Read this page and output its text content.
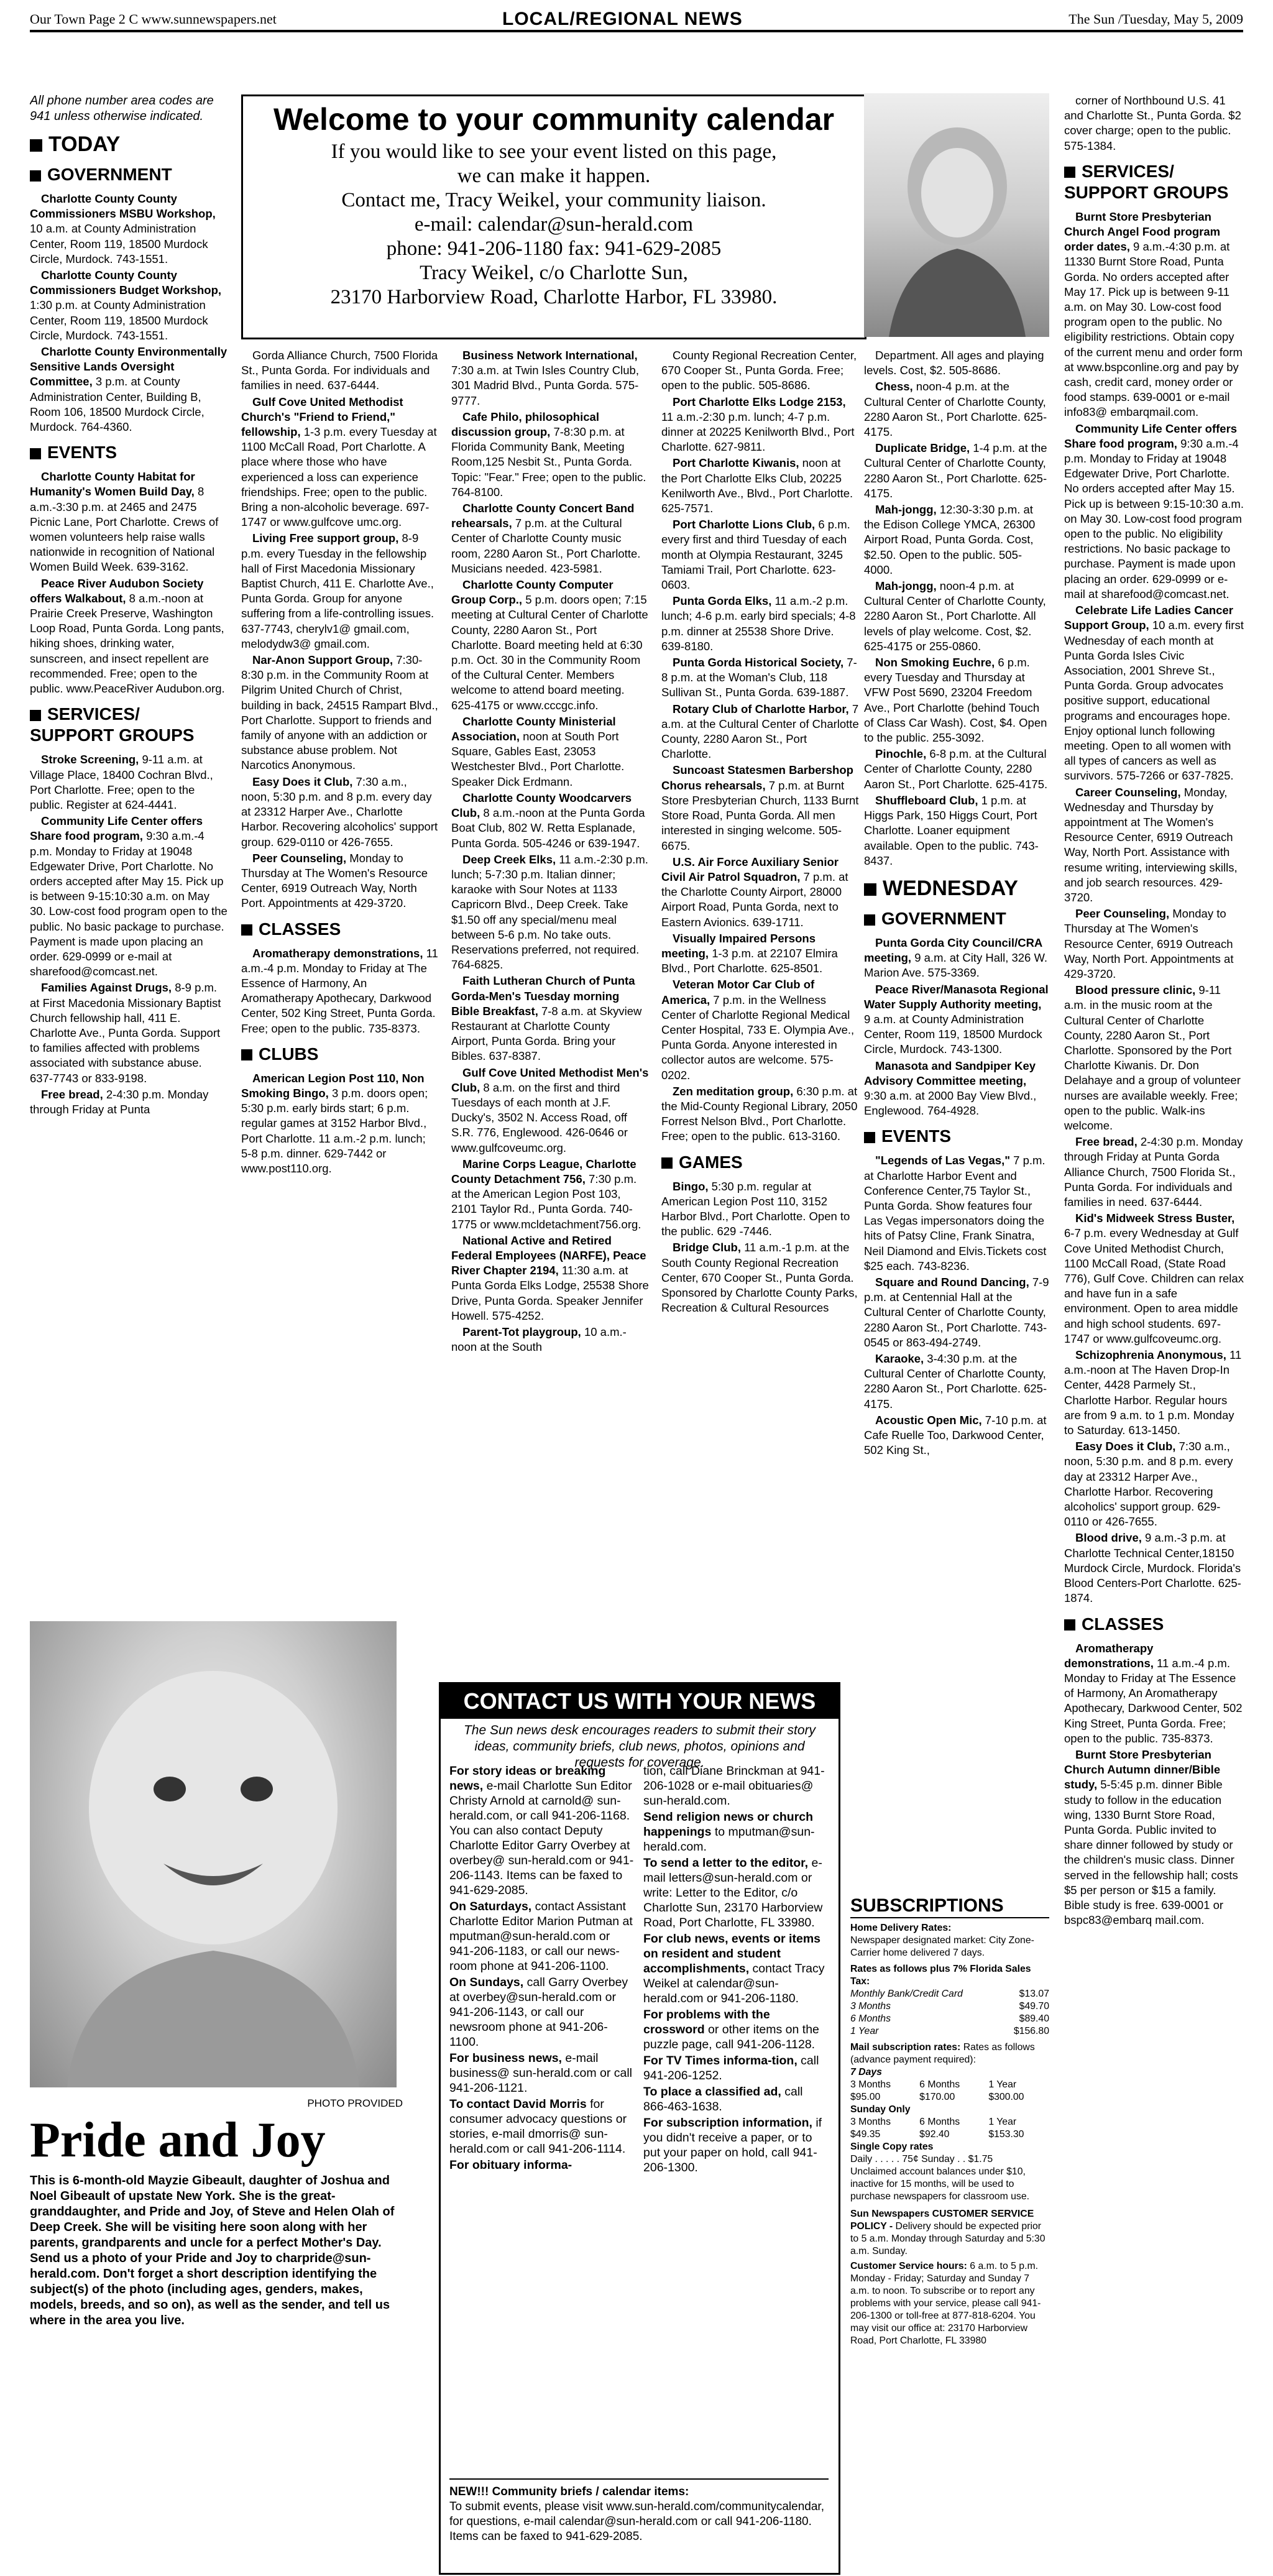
Our Town Page 2 C www.sunnewspapers.net	LOCAL/REGIONAL NEWS	The Sun /Tuesday, May 5, 2009
Welcome to your community calendar
If you would like to see your event listed on this page,
we can make it happen.
Contact me, Tracy Weikel, your community liaison.
e-mail: calendar@sun-herald.com
phone: 941-206-1180 fax: 941-629-2085
Tracy Weikel, c/o Charlotte Sun,
23170 Harborview Road, Charlotte Harbor, FL 33980.

All phone number area codes are 941 unless otherwise indicated.

TODAY
GOVERNMENT

Charlotte County County Commissioners MSBU Workshop, 10 a.m. at County Administration Center, Room 119, 18500 Murdock Circle, Murdock. 743-1551.

Charlotte County County Commissioners Budget Workshop, 1:30 p.m. at County Administration Center, Room 119, 18500 Murdock Circle, Murdock. 743-1551.

Charlotte County Environmentally Sensitive Lands Oversight Committee, 3 p.m. at County Administration Center, Building B, Room 106, 18500 Murdock Circle, Murdock. 764-4360.

EVENTS

Charlotte County Habitat for Humanity's Women Build Day, 8 a.m.-3:30 p.m. at 2465 and 2475 Picnic Lane, Port Charlotte. Crews of women volunteers help raise walls nationwide in recognition of National Women Build Week. 639-3162.

Peace River Audubon Society offers Walkabout, 8 a.m.-noon at Prairie Creek Preserve, Washington Loop Road, Punta Gorda. Long pants, hiking shoes, drinking water, sunscreen, and insect repellent are recommended. Free; open to the public. www.PeaceRiver Audubon.org.

SERVICES/ SUPPORT GROUPS

Stroke Screening, 9-11 a.m. at Village Place, 18400 Cochran Blvd., Port Charlotte. Free; open to the public. Register at 624-4441.

Community Life Center offers Share food program, 9:30 a.m.-4 p.m. Monday to Friday at 19048 Edgewater Drive, Port Charlotte. No orders accepted after May 15. Pick up is between 9-15:10:30 a.m. on May 30. Low-cost food program open to the public. No basic package to purchase. Payment is made upon placing an order. 629-0999 or e-mail at sharefood@comcast.net.

Families Against Drugs, 8-9 p.m. at First Macedonia Missionary Baptist Church fellowship hall, 411 E. Charlotte Ave., Punta Gorda. Support to families affected with problems associated with substance abuse. 637-7743 or 833-9198.

Free bread, 2-4:30 p.m. Monday through Friday at Punta

Gorda Alliance Church, 7500 Florida St., Punta Gorda. For individuals and families in need. 637-6444.

Gulf Cove United Methodist Church's "Friend to Friend," fellowship, 1-3 p.m. every Tuesday at 1100 McCall Road, Port Charlotte. A place where those who have experienced a loss can experience friendships. Free; open to the public. Bring a non-alcoholic beverage. 697-1747 or www.gulfcove umc.org.

Living Free support group, 8-9 p.m. every Tuesday in the fellowship hall of First Macedonia Missionary Baptist Church, 411 E. Charlotte Ave., Punta Gorda. Group for anyone suffering from a life-controlling issues. 637-7743, cherylv1@ gmail.com, melodydw3@ gmail.com.

Nar-Anon Support Group, 7:30-8:30 p.m. in the Community Room at Pilgrim United Church of Christ, building in back, 24515 Rampart Blvd., Port Charlotte. Support to friends and family of anyone with an addiction or substance abuse problem. Not Narcotics Anonymous.

Easy Does it Club, 7:30 a.m., noon, 5:30 p.m. and 8 p.m. every day at 23312 Harper Ave., Charlotte Harbor. Recovering alcoholics' support group. 629-0110 or 426-7655.

Peer Counseling, Monday to Thursday at The Women's Resource Center, 6919 Outreach Way, North Port. Appointments at 429-3720.

CLASSES

Aromatherapy demonstrations, 11 a.m.-4 p.m. Monday to Friday at The Essence of Harmony, An Aromatherapy Apothecary, Darkwood Center, 502 King Street, Punta Gorda. Free; open to the public. 735-8373.

CLUBS

American Legion Post 110, Non Smoking Bingo, 3 p.m. doors open; 5:30 p.m. early birds start; 6 p.m. regular games at 3152 Harbor Blvd., Port Charlotte. 11 a.m.-2 p.m. lunch; 5-8 p.m. dinner. 629-7442 or www.post110.org.

Business Network International, 7:30 a.m. at Twin Isles Country Club, 301 Madrid Blvd., Punta Gorda. 575-9777.

Cafe Philo, philosophical discussion group, 7-8:30 p.m. at Florida Community Bank, Meeting Room,125 Nesbit St., Punta Gorda. Topic: "Fear." Free; open to the public. 764-8100.

Charlotte County Concert Band rehearsals, 7 p.m. at the Cultural Center of Charlotte County music room, 2280 Aaron St., Port Charlotte. Musicians needed. 423-5981.

Charlotte County Computer Group Corp., 5 p.m. doors open; 7:15 meeting at Cultural Center of Charlotte County, 2280 Aaron St., Port Charlotte. Board meeting held at 6:30 p.m. Oct. 30 in the Community Room of the Cultural Center. Members welcome to attend board meeting. 625-4175 or www.cccgc.info.

Charlotte County Ministerial Association, noon at South Port Square, Gables East, 23053 Westchester Blvd., Port Charlotte. Speaker Dick Erdmann.

Charlotte County Woodcarvers Club, 8 a.m.-noon at the Punta Gorda Boat Club, 802 W. Retta Esplanade, Punta Gorda. 505-4246 or 639-1947.

Deep Creek Elks, 11 a.m.-2:30 p.m. lunch; 5-7:30 p.m. Italian dinner; karaoke with Sour Notes at 1133 Capricorn Blvd., Deep Creek. Take $1.50 off any special/menu meal between 5-6 p.m. No take outs. Reservations preferred, not required. 764-6825.

Faith Lutheran Church of Punta Gorda-Men's Tuesday morning Bible Breakfast, 7-8 a.m. at Skyview Restaurant at Charlotte County Airport, Punta Gorda. Bring your Bibles. 637-8387.

Gulf Cove United Methodist Men's Club, 8 a.m. on the first and third Tuesdays of each month at J.F. Ducky's, 3502 N. Access Road, off S.R. 776, Englewood. 426-0646 or www.gulfcoveumc.org.

Marine Corps League, Charlotte County Detachment 756, 7:30 p.m. at the American Legion Post 103, 2101 Taylor Rd., Punta Gorda. 740-1775 or www.mcldetachment756.org.

National Active and Retired Federal Employees (NARFE), Peace River Chapter 2194, 11:30 a.m. at Punta Gorda Elks Lodge, 25538 Shore Drive, Punta Gorda. Speaker Jennifer Howell. 575-4252.

Parent-Tot playgroup, 10 a.m.-noon at the South

County Regional Recreation Center, 670 Cooper St., Punta Gorda. Free; open to the public. 505-8686.

Port Charlotte Elks Lodge 2153, 11 a.m.-2:30 p.m. lunch; 4-7 p.m. dinner at 20225 Kenilworth Blvd., Port Charlotte. 627-9811.

Port Charlotte Kiwanis, noon at the Port Charlotte Elks Club, 20225 Kenilworth Ave., Blvd., Port Charlotte. 625-7571.

Port Charlotte Lions Club, 6 p.m. every first and third Tuesday of each month at Olympia Restaurant, 3245 Tamiami Trail, Port Charlotte. 623-0603.

Punta Gorda Elks, 11 a.m.-2 p.m. lunch; 4-6 p.m. early bird specials; 4-8 p.m. dinner at 25538 Shore Drive. 639-8180.

Punta Gorda Historical Society, 7-8 p.m. at the Woman's Club, 118 Sullivan St., Punta Gorda. 639-1887.

Rotary Club of Charlotte Harbor, 7 a.m. at the Cultural Center of Charlotte County, 2280 Aaron St., Port Charlotte.

Suncoast Statesmen Barbershop Chorus rehearsals, 7 p.m. at Burnt Store Presbyterian Church, 1133 Burnt Store Road, Punta Gorda. All men interested in singing welcome. 505-6675.

U.S. Air Force Auxiliary Senior Civil Air Patrol Squadron, 7 p.m. at the Charlotte County Airport, 28000 Airport Road, Punta Gorda, next to Eastern Avionics. 639-1711.

Visually Impaired Persons meeting, 1-3 p.m. at 22107 Elmira Blvd., Port Charlotte. 625-8501.

Veteran Motor Car Club of America, 7 p.m. in the Wellness Center of Charlotte Regional Medical Center Hospital, 733 E. Olympia Ave., Punta Gorda. Anyone interested in collector autos are welcome. 575-0202.

Zen meditation group, 6:30 p.m. at the Mid-County Regional Library, 2050 Forrest Nelson Blvd., Port Charlotte. Free; open to the public. 613-3160.

GAMES

Bingo, 5:30 p.m. regular at American Legion Post 110, 3152 Harbor Blvd., Port Charlotte. Open to the public. 629 -7446.

Bridge Club, 11 a.m.-1 p.m. at the South County Regional Recreation Center, 670 Cooper St., Punta Gorda. Sponsored by Charlotte County Parks, Recreation & Cultural Resources

Department. All ages and playing levels. Cost, $2. 505-8686.

Chess, noon-4 p.m. at the Cultural Center of Charlotte County, 2280 Aaron St., Port Charlotte. 625-4175.

Duplicate Bridge, 1-4 p.m. at the Cultural Center of Charlotte County, 2280 Aaron St., Port Charlotte. 625-4175.

Mah-jongg, 12:30-3:30 p.m. at the Edison College YMCA, 26300 Airport Road, Punta Gorda. Cost, $2.50. Open to the public. 505-4000.

Mah-jongg, noon-4 p.m. at Cultural Center of Charlotte County, 2280 Aaron St., Port Charlotte. All levels of play welcome. Cost, $2. 625-4175 or 255-0860.

Non Smoking Euchre, 6 p.m. every Tuesday and Thursday at VFW Post 5690, 23204 Freedom Ave., Port Charlotte (behind Touch of Class Car Wash). Cost, $4. Open to the public. 255-3092.

Pinochle, 6-8 p.m. at the Cultural Center of Charlotte County, 2280 Aaron St., Port Charlotte. 625-4175.

Shuffleboard Club, 1 p.m. at Higgs Park, 150 Higgs Court, Port Charlotte. Loaner equipment available. Open to the public. 743-8437.

WEDNESDAY
GOVERNMENT

Punta Gorda City Council/CRA meeting, 9 a.m. at City Hall, 326 W. Marion Ave. 575-3369.

Peace River/Manasota Regional Water Supply Authority meeting, 9 a.m. at County Administration Center, Room 119, 18500 Murdock Circle, Murdock. 743-1300.

Manasota and Sandpiper Key Advisory Committee meeting, 9:30 a.m. at 2000 Bay View Blvd., Englewood. 764-4928.

EVENTS

"Legends of Las Vegas," 7 p.m. at Charlotte Harbor Event and Conference Center,75 Taylor St., Punta Gorda. Show features four Las Vegas impersonators doing the hits of Patsy Cline, Frank Sinatra, Neil Diamond and Elvis.Tickets cost $25 each. 743-8236.

Square and Round Dancing, 7-9 p.m. at Centennial Hall at the Cultural Center of Charlotte County, 2280 Aaron St., Port Charlotte. 743-0545 or 863-494-2749.

Karaoke, 3-4:30 p.m. at the Cultural Center of Charlotte County, 2280 Aaron St., Port Charlotte. 625-4175.

Acoustic Open Mic, 7-10 p.m. at Cafe Ruelle Too, Darkwood Center, 502 King St.,

corner of Northbound U.S. 41 and Charlotte St., Punta Gorda. $2 cover charge; open to the public. 575-1384.

SERVICES/ SUPPORT GROUPS

Burnt Store Presbyterian Church Angel Food program order dates, 9 a.m.-4:30 p.m. at 11330 Burnt Store Road, Punta Gorda. No orders accepted after May 17. Pick up is between 9-11 a.m. on May 30. Low-cost food program open to the public. No eligibility restrictions. Obtain copy of the current menu and order form at www.bspconline.org and pay by cash, credit card, money order or food stamps. 639-0001 or e-mail info83@ embarqmail.com.

Community Life Center offers Share food program, 9:30 a.m.-4 p.m. Monday to Friday at 19048 Edgewater Drive, Port Charlotte. No orders accepted after May 15. Pick up is between 9:15-10:30 a.m. on May 30. Low-cost food program open to the public. No eligibility restrictions. No basic package to purchase. Payment is made upon placing an order. 629-0999 or e-mail at sharefood@comcast.net.

Celebrate Life Ladies Cancer Support Group, 10 a.m. every first Wednesday of each month at Punta Gorda Isles Civic Association, 2001 Shreve St., Punta Gorda. Group advocates positive support, educational programs and encourages hope. Enjoy optional lunch following meeting. Open to all women with all types of cancers as well as survivors. 575-7266 or 637-7825.

Career Counseling, Monday, Wednesday and Thursday by appointment at The Women's Resource Center, 6919 Outreach Way, North Port. Assistance with resume writing, interviewing skills, and job search resources. 429-3720.

Peer Counseling, Monday to Thursday at The Women's Resource Center, 6919 Outreach Way, North Port. Appointments at 429-3720.

Blood pressure clinic, 9-11 a.m. in the music room at the Cultural Center of Charlotte County, 2280 Aaron St., Port Charlotte. Sponsored by the Port Charlotte Kiwanis. Dr. Don Delahaye and a group of volunteer nurses are available weekly. Free; open to the public. Walk-ins welcome.

Free bread, 2-4:30 p.m. Monday through Friday at Punta Gorda Alliance Church, 7500 Florida St., Punta Gorda. For individuals and families in need. 637-6444.

Kid's Midweek Stress Buster, 6-7 p.m. every Wednesday at Gulf Cove United Methodist Church, 1100 McCall Road, (State Road 776), Gulf Cove. Children can relax and have fun in a safe environment. Open to area middle and high school students. 697-1747 or www.gulfcoveumc.org.

Schizophrenia Anonymous, 11 a.m.-noon at The Haven Drop-In Center, 4428 Parmely St., Charlotte Harbor. Regular hours are from 9 a.m. to 1 p.m. Monday to Saturday. 613-1450.

Easy Does it Club, 7:30 a.m., noon, 5:30 p.m. and 8 p.m. every day at 23312 Harper Ave., Charlotte Harbor. Recovering alcoholics' support group. 629-0110 or 426-7655.

Blood drive, 9 a.m.-3 p.m. at Charlotte Technical Center,18150 Murdock Circle, Murdock. Florida's Blood Centers-Port Charlotte. 625-1874.

CLASSES

Aromatherapy demonstrations, 11 a.m.-4 p.m. Monday to Friday at The Essence of Harmony, An Aromatherapy Apothecary, Darkwood Center, 502 King Street, Punta Gorda. Free; open to the public. 735-8373.

Burnt Store Presbyterian Church Autumn dinner/Bible study, 5-5:45 p.m. dinner Bible study to follow in the education wing, 1330 Burnt Store Road, Punta Gorda. Public invited to share dinner followed by study or the children's music class. Dinner served in the fellowship hall; costs $5 per person or $15 a family. Bible study is free. 639-0001 or bspc83@embarq mail.com.

PHOTO PROVIDED
Pride and Joy
This is 6-month-old Mayzie Gibeault, daughter of Joshua and Noel Gibeault of upstate New York. She is the great-granddaughter, and Pride and Joy, of Steve and Helen Olah of Deep Creek. She will be visiting here soon along with her parents, grandparents and uncle for a perfect Mother's Day. Send us a photo of your Pride and Joy to charpride@sun-herald.com. Don't forget a short description identifying the subject(s) of the photo (including ages, genders, makes, models, breeds, and so on), as well as the sender, and tell us where in the area you live.
CONTACT US WITH YOUR NEWS
The Sun news desk encourages readers to submit their story ideas, community briefs, club news, photos, opinions and requests for coverage.

For story ideas or breaking news, e-mail Charlotte Sun Editor Christy Arnold at carnold@ sun-herald.com, or call 941-206-1168. You can also contact Deputy Charlotte Editor Garry Overbey at overbey@ sun-herald.com or 941-206-1143. Items can be faxed to 941-629-2085.

On Saturdays, contact Assistant Charlotte Editor Marion Putman at mputman@sun-herald.com or 941-206-1183, or call our news-room phone at 941-206-1100.

On Sundays, call Garry Overbey at overbey@sun-herald.com or 941-206-1143, or call our newsroom phone at 941-206-1100.

For business news, e-mail business@ sun-herald.com or call 941-206-1121.

To contact David Morris for consumer advocacy questions or stories, e-mail dmorris@ sun-herald.com or call 941-206-1114.

For obituary informa-

tion, call Diane Brinckman at 941-206-1028 or e-mail obituaries@ sun-herald.com.

Send religion news or church happenings to mputman@sun-herald.com.

To send a letter to the editor, e-mail letters@sun-herald.com or write: Letter to the Editor, c/o Charlotte Sun, 23170 Harborview Road, Port Charlotte, FL 33980.

For club news, events or items on resident and student accomplishments, contact Tracy Weikel at calendar@sun-herald.com or 941-206-1180.

For problems with the crossword or other items on the puzzle page, call 941-206-1128.

For TV Times informa-tion, call 941-206-1252.

To place a classified ad, call 866-463-1638.

For subscription information, if you didn't receive a paper, or to put your paper on hold, call 941-206-1300.

NEW!!! Community briefs / calendar items:
To submit events, please visit www.sun-herald.com/communitycalendar, for questions, e-mail calendar@sun-herald.com or call 941-206-1180. Items can be faxed to 941-629-2085.
SUBSCRIPTIONS
Home Delivery Rates:
Newspaper designated market: City Zone- Carrier home delivered 7 days.
Rates as follows plus 7% Florida Sales Tax:
Monthly Bank/Credit Card	$13.07
3 Months	$49.70
6 Months	$89.40
1 Year	$156.80
Mail subscription rates: Rates as follows (advance payment required):
7 Days
3 Months	6 Months	1 Year
$95.00	$170.00	$300.00
Sunday Only
3 Months	6 Months	1 Year
$49.35	$92.40	$153.30
Single Copy rates
Daily . . . . . 75¢ Sunday . . $1.75
Unclaimed account balances under $10, inactive for 15 months, will be used to purchase newspapers for classroom use.
Sun Newspapers CUSTOMER SERVICE POLICY - Delivery should be expected prior to 5 a.m. Monday through Saturday and 5:30 a.m. Sunday.
Customer Service hours: 6 a.m. to 5 p.m. Monday - Friday; Saturday and Sunday 7 a.m. to noon. To subscribe or to report any problems with your service, please call 941-206-1300 or toll-free at 877-818-6204. You may visit our office at: 23170 Harborview Road, Port Charlotte, FL 33980
